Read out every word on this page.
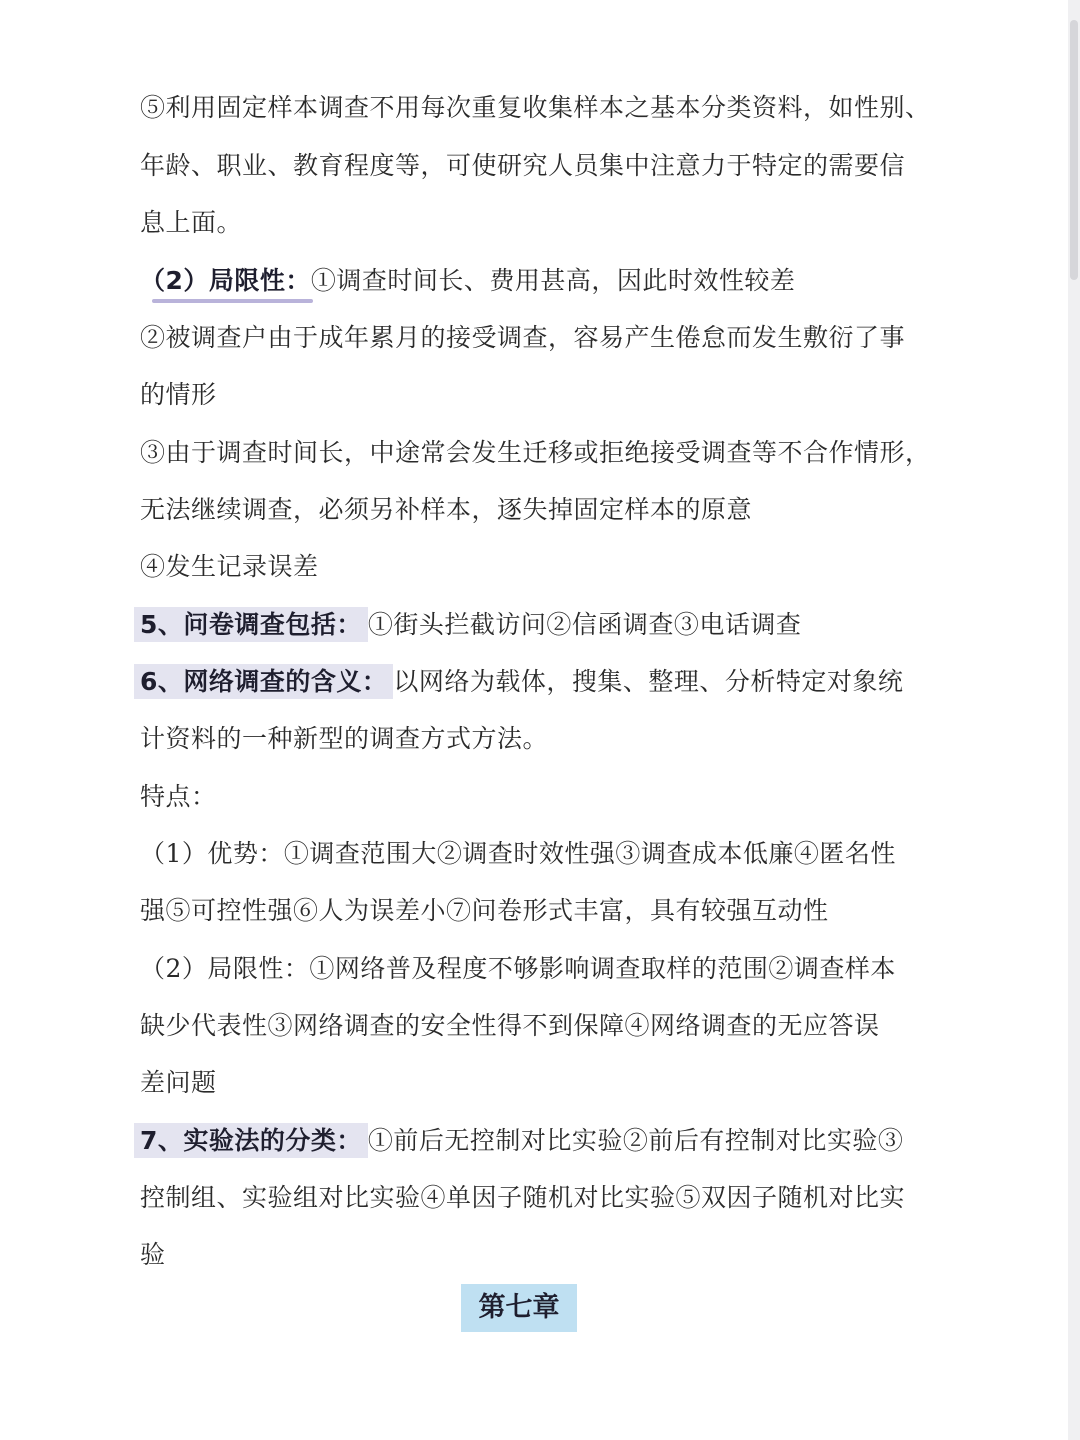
⑤利用固定样本调查不用每次重复收集样本之基本分类资料，如性别、
年龄、职业、教育程度等，可使研究人员集中注意力于特定的需要信
息上面。
（2）局限性：
①调查时间长、费用甚高，因此时效性较差
②被调查户由于成年累月的接受调查，容易产生倦怠而发生敷衍了事
的情形
③由于调查时间长，中途常会发生迁移或拒绝接受调查等不合作情形，
无法继续调查，必须另补样本，逐失掉固定样本的原意
④发生记录误差
5、问卷调查包括： ①街头拦截访问②信函调查③电话调查
6、网络调查的含义： 以网络为载体，搜集、整理、分析特定对象统
计资料的一种新型的调查方式方法。
特点：
（1）优势：①调查范围大②调查时效性强③调查成本低廉④匿名性
强⑤可控性强⑥人为误差小⑦问卷形式丰富，具有较强互动性
（2）局限性：①网络普及程度不够影响调查取样的范围②调查样本
缺少代表性③网络调查的安全性得不到保障④网络调查的无应答误
差问题
7、实验法的分类： ①前后无控制对比实验②前后有控制对比实验③
控制组、实验组对比实验④单因子随机对比实验⑤双因子随机对比实
验
第七章
